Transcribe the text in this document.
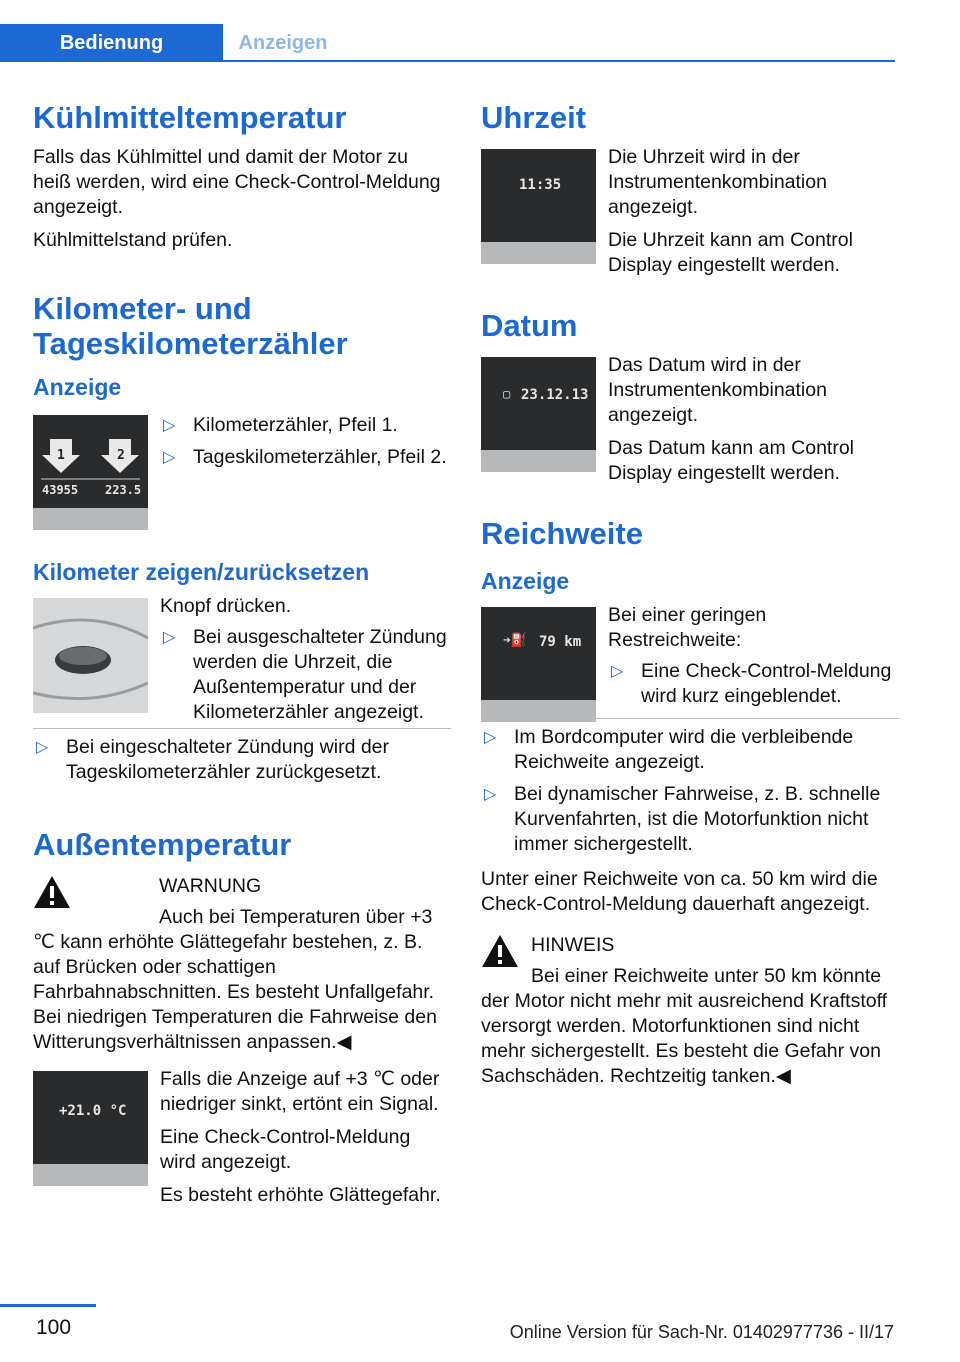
Bedienung	Anzeigen
Kühlmitteltemperatur

Falls das Kühlmittel und damit der Motor zu heiß werden, wird eine Check-Control-Meldung angezeigt.

Kühlmittelstand prüfen.

Kilometer- und Tageskilometerzähler
Anzeige
1	2
43955 223.5
▷ Kilometerzähler, Pfeil 1.
▷ Tageskilometerzähler, Pfeil 2.
Kilometer zeigen/zurücksetzen

Knopf drücken.

▷ Bei ausgeschalteter Zündung werden die Uhrzeit, die Außentemperatur und der Kilometerzähler angezeigt.
▷ Bei eingeschalteter Zündung wird der Tageskilometerzähler zurückgesetzt.
Außentemperatur

WARNUNG

Auch bei Temperaturen über +3 ℃ kann erhöhte Glättegefahr bestehen, z. B. auf Brücken oder schattigen Fahrbahnabschnitten. Es besteht Unfallgefahr. Bei niedrigen Temperaturen die Fahrweise den Witterungsverhältnissen anpassen.◀

+21.0 °C

Falls die Anzeige auf +3 ℃ oder niedriger sinkt, ertönt ein Signal.

Eine Check-Control-Meldung wird angezeigt.

Es besteht erhöhte Glättegefahr.

Uhrzeit
11:35

Die Uhrzeit wird in der Instrumentenkombination angezeigt.

Die Uhrzeit kann am Control Display eingestellt werden.

Datum
▢ 23.12.13

Das Datum wird in der Instrumentenkombination angezeigt.

Das Datum kann am Control Display eingestellt werden.

Reichweite
Anzeige
➔⛽ 79 km

Bei einer geringen Restreichweite:

▷ Eine Check-Control-Meldung wird kurz eingeblendet.
▷ Im Bordcomputer wird die verbleibende Reichweite angezeigt.
▷ Bei dynamischer Fahrweise, z. B. schnelle Kurvenfahrten, ist die Motorfunktion nicht immer sichergestellt.

Unter einer Reichweite von ca. 50 km wird die Check-Control-Meldung dauerhaft angezeigt.

HINWEIS

Bei einer Reichweite unter 50 km könnte der Motor nicht mehr mit ausreichend Kraftstoff versorgt werden. Motorfunktionen sind nicht mehr sichergestellt. Es besteht die Gefahr von Sachschäden. Rechtzeitig tanken.◀

100	Online Version für Sach-Nr. 01402977736 - II/17
